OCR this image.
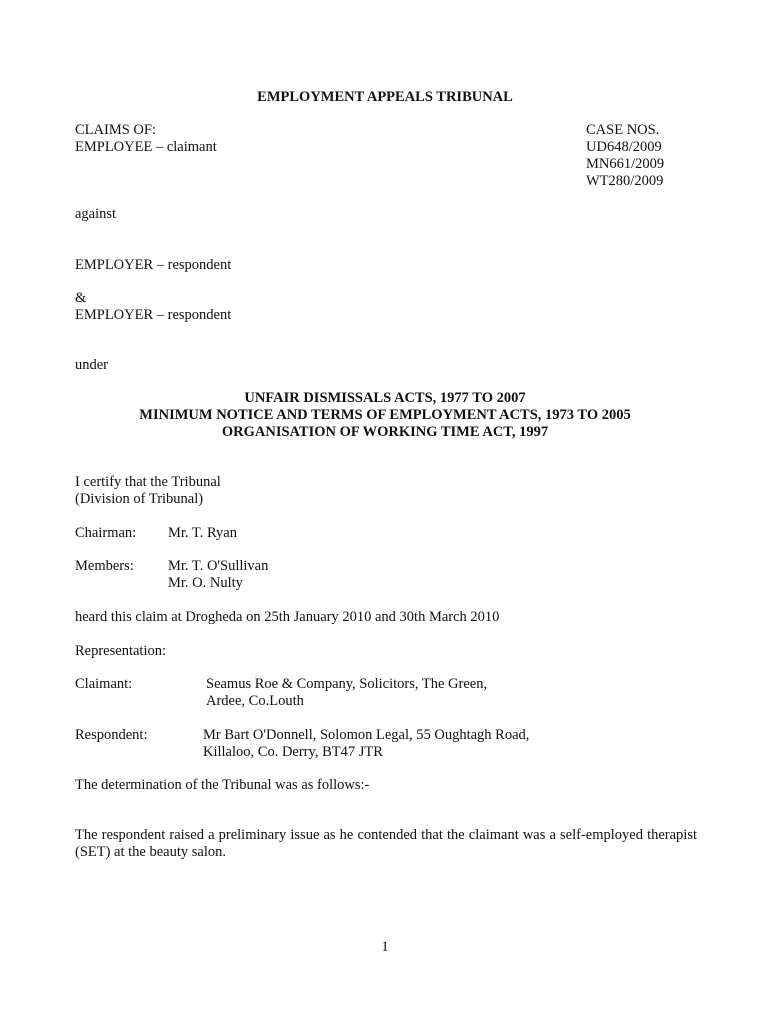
EMPLOYMENT APPEALS TRIBUNAL
CLAIMS OF:
EMPLOYEE – claimant
CASE NOS.
UD648/2009
MN661/2009
WT280/2009
against
EMPLOYER – respondent
&
EMPLOYER – respondent
under
UNFAIR DISMISSALS ACTS, 1977 TO 2007
MINIMUM NOTICE AND TERMS OF EMPLOYMENT ACTS, 1973 TO 2005
ORGANISATION OF WORKING TIME ACT, 1997
I certify that the Tribunal
(Division of Tribunal)
Chairman: Mr. T. Ryan
Members: Mr. T. O'Sullivan
Mr. O. Nulty
heard this claim at Drogheda on 25th January 2010 and 30th March 2010
Representation:
Claimant:	Seamus Roe & Company, Solicitors, The Green,
Ardee, Co.Louth
Respondent:	Mr Bart O'Donnell, Solomon Legal, 55 Oughtagh Road,
Killaloo, Co. Derry, BT47 JTR
The determination of the Tribunal was as follows:-
The respondent raised a preliminary issue as he contended that the claimant was a self-employed therapist (SET) at the beauty salon.
1
